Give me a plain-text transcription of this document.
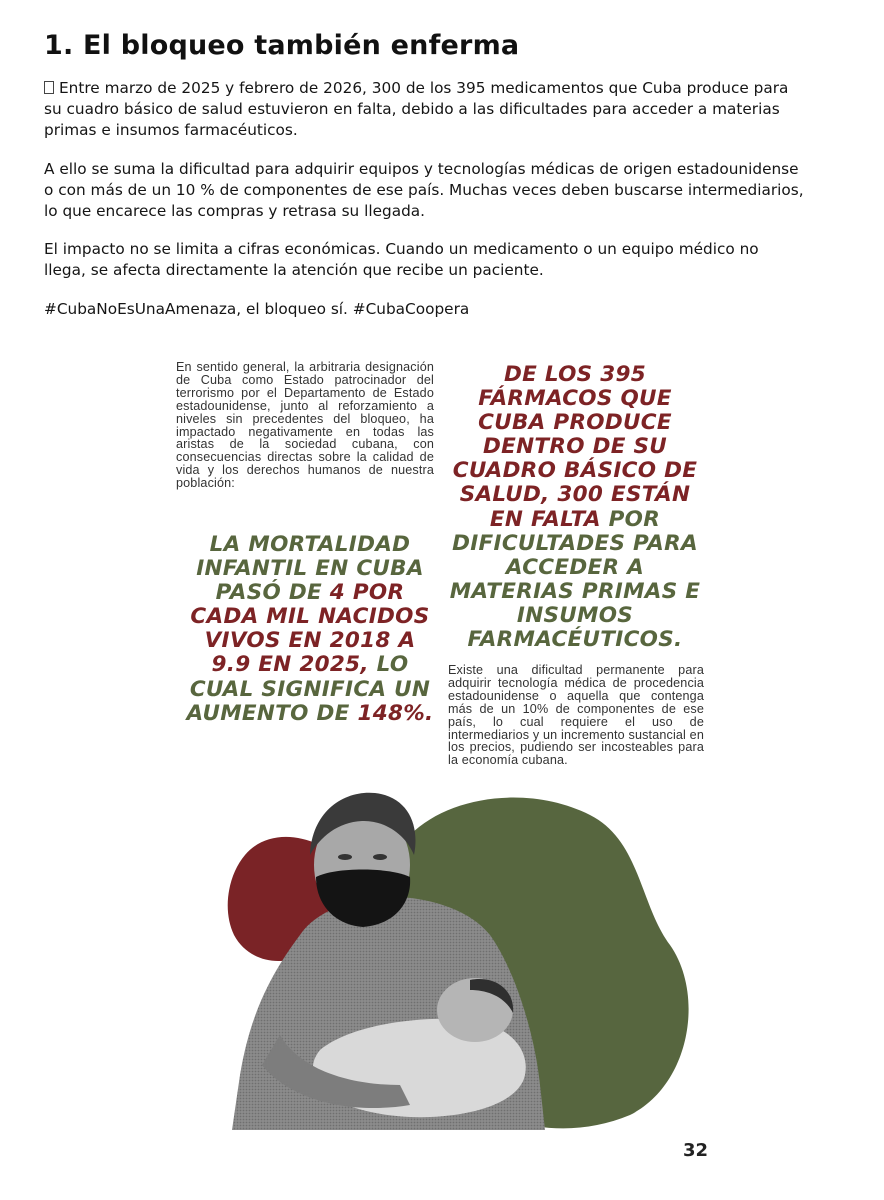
1. El bloqueo también enferma

Entre marzo de 2025 y febrero de 2026, 300 de los 395 medicamentos que Cuba produce para su cuadro básico de salud estuvieron en falta, debido a las dificultades para acceder a materias primas e insumos farmacéuticos.

A ello se suma la dificultad para adquirir equipos y tecnologías médicas de origen estadounidense o con más de un 10 % de componentes de ese país. Muchas veces deben buscarse intermediarios, lo que encarece las compras y retrasa su llegada.

El impacto no se limita a cifras económicas. Cuando un medicamento o un equipo médico no llega, se afecta directamente la atención que recibe un paciente.

#CubaNoEsUnaAmenaza, el bloqueo sí. #CubaCoopera

En sentido general, la arbitraria designación de Cuba como Estado patrocinador del terrorismo por el Departamento de Estado estadounidense, junto al reforzamiento a niveles sin precedentes del bloqueo, ha impactado negativamente en todas las aristas de la sociedad cubana, con consecuencias directas sobre la calidad de vida y los derechos humanos de nuestra población:

DE LOS 395 FÁRMACOS QUE CUBA PRODUCE DENTRO DE SU CUADRO BÁSICO DE SALUD, 300 ESTÁN EN FALTA POR DIFICULTADES PARA ACCEDER A MATERIAS PRIMAS E INSUMOS FARMACÉUTICOS.

LA MORTALIDAD INFANTIL EN CUBA PASÓ DE 4 POR CADA MIL NACIDOS VIVOS EN 2018 A 9.9 EN 2025, LO CUAL SIGNIFICA UN AUMENTO DE 148%.

Existe una dificultad permanente para adquirir tecnología médica de procedencia estadounidense o aquella que contenga más de un 10% de componentes de ese país, lo cual requiere el uso de intermediarios y un incremento sustancial en los precios, pudiendo ser incosteables para la economía cubana.

32
